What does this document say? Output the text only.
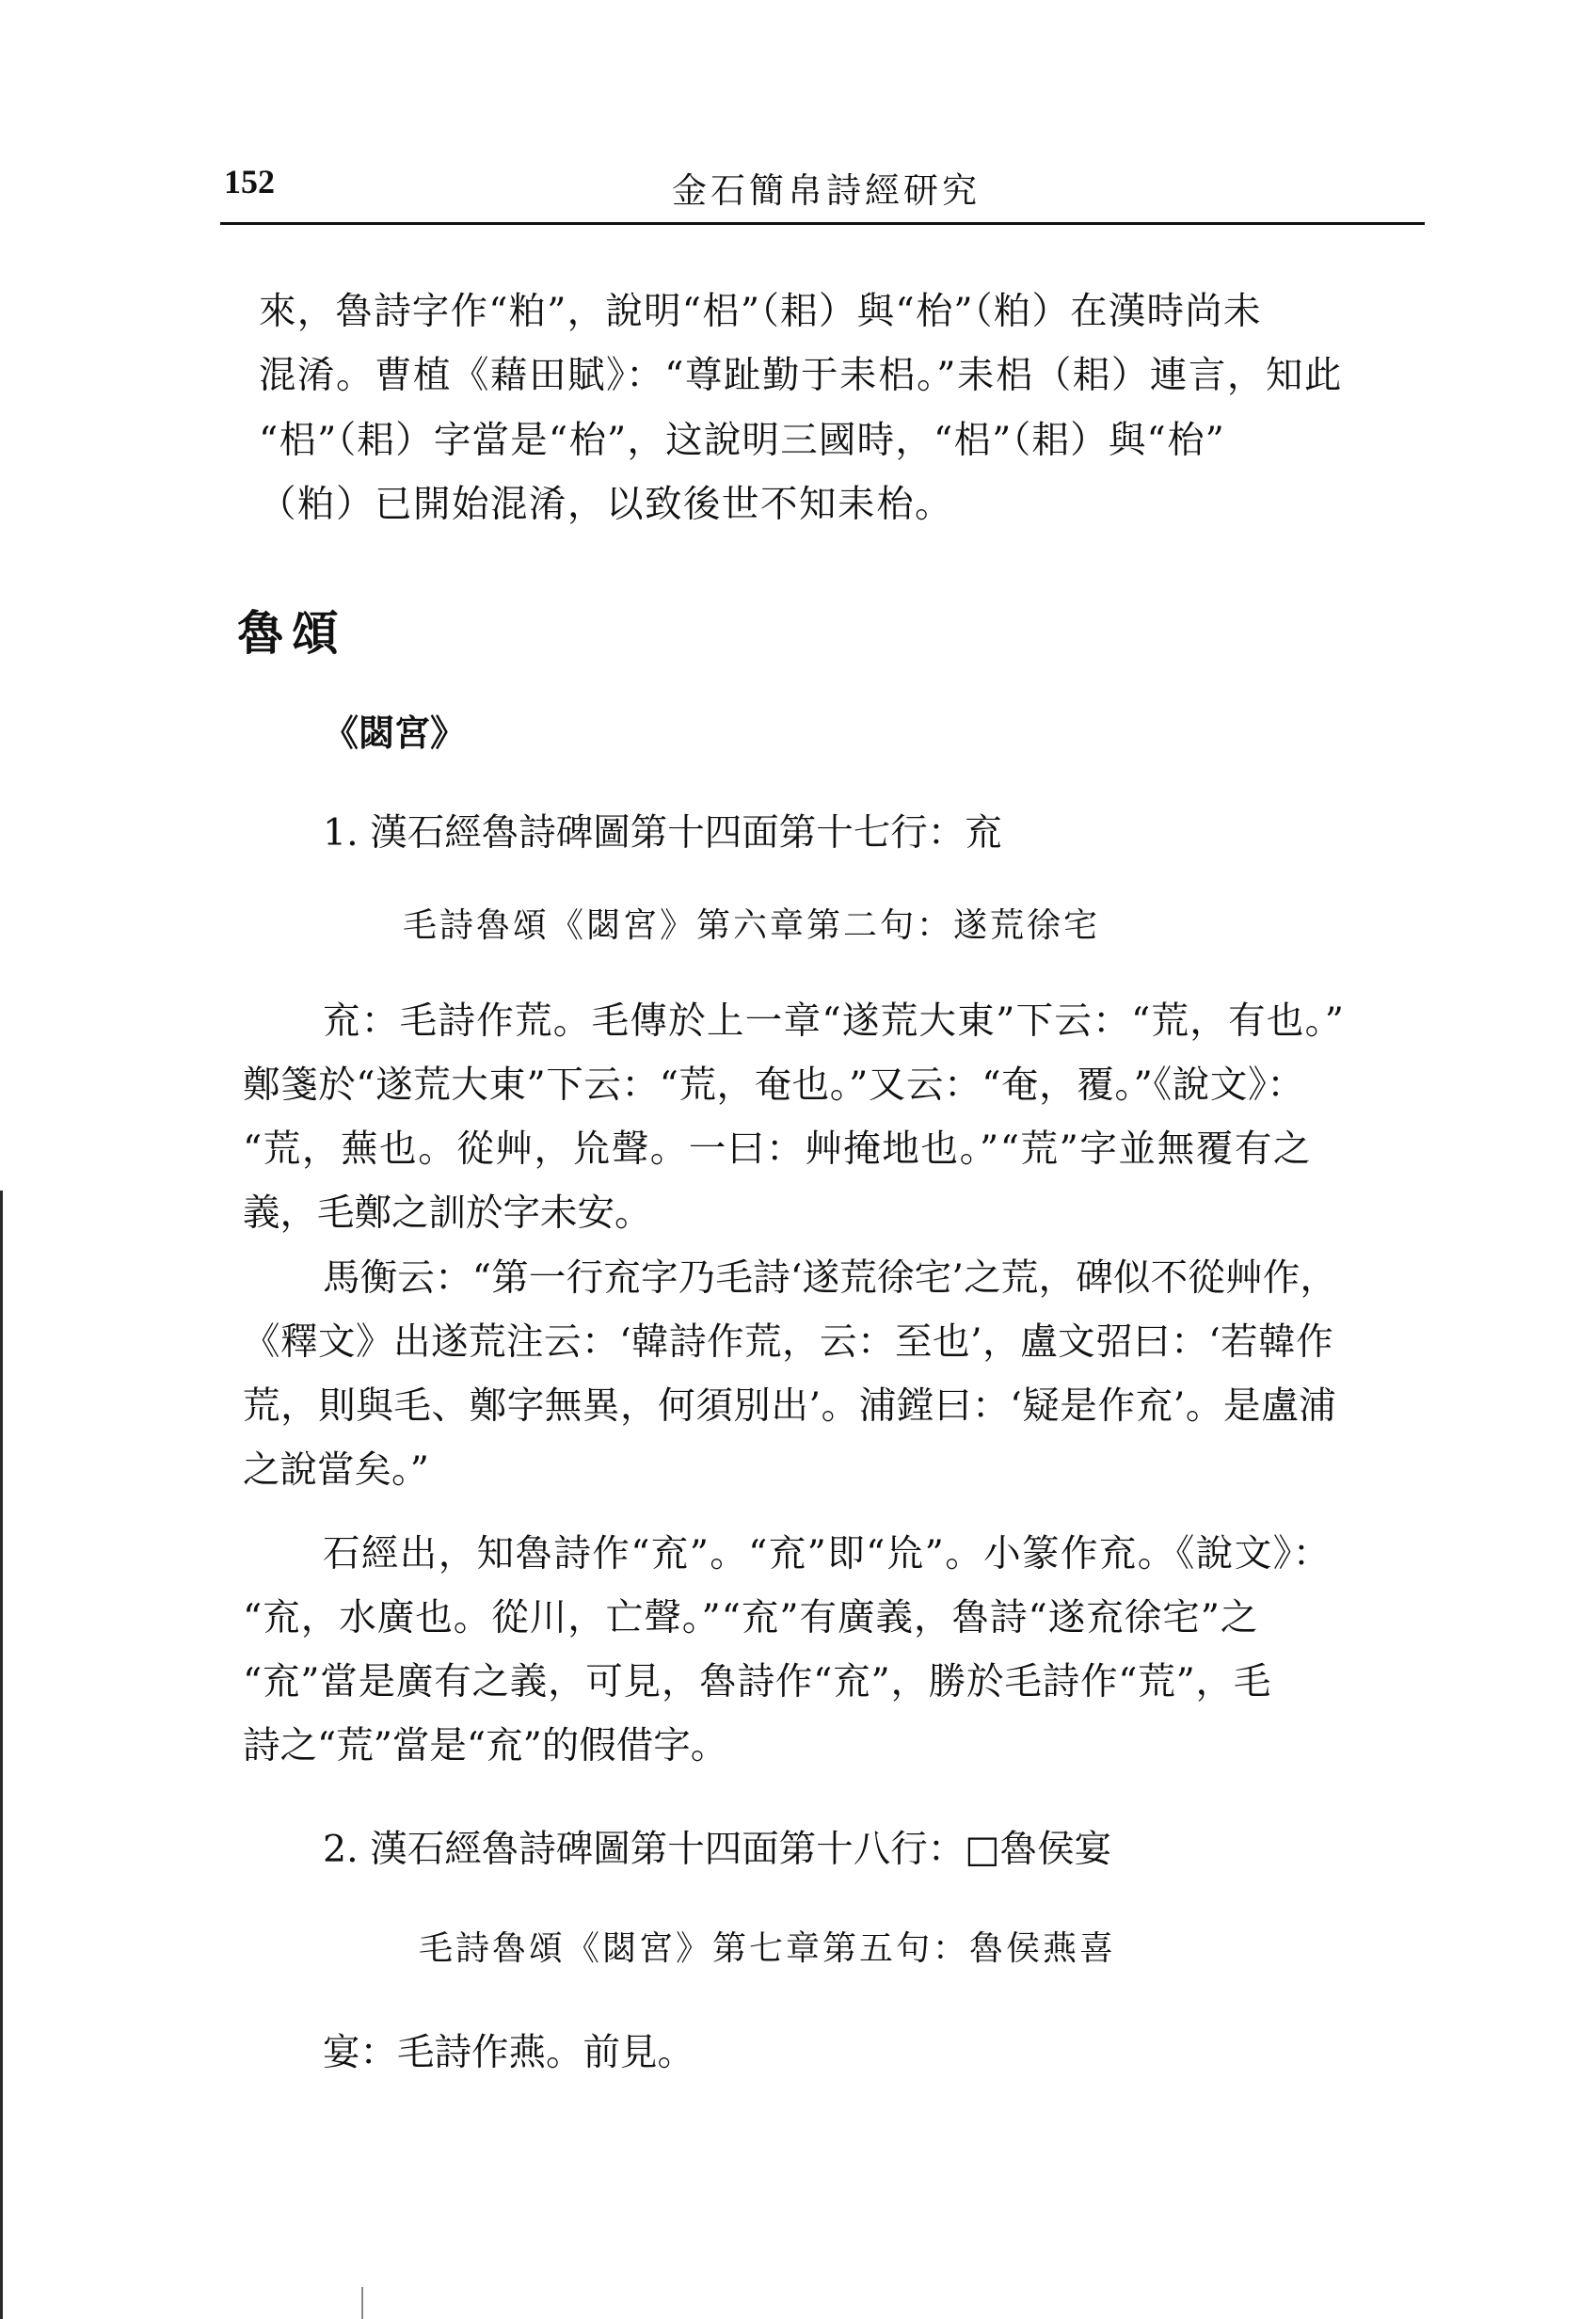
152	金石簡帛詩經研究
來，魯詩字作“粕”，說明“梠”（耜）與“枱”（粕）在漢時尚未
混淆。曹植《藉田賦》：“尊趾勤于耒梠。”耒梠（耜）連言，知此
“梠”（耜）字當是“枱”，这說明三國時，“梠”（耜）與“枱”
（粕）已開始混淆，以致後世不知耒枱。
魯頌
《閟宮》
1. 漢石經魯詩碑圖第十四面第十七行：㐬
毛詩魯頌《閟宮》第六章第二句：遂荒徐宅
㐬：毛詩作荒。毛傳於上一章“遂荒大東”下云：“荒，有也。”
鄭箋於“遂荒大東”下云：“荒，奄也。”又云：“奄，覆。”《說文》：
“荒，蕪也。從艸，㠩聲。一曰：艸掩地也。”“荒”字並無覆有之
義，毛鄭之訓於字未安。
馬衡云：“第一行㐬字乃毛詩‘遂荒徐宅’之荒，碑似不從艸作，
《釋文》出遂荒注云：‘韓詩作荒，云：至也’，盧文弨曰：‘若韓作
荒，則與毛、鄭字無異，何須別出’。浦鏜曰：‘疑是作㐬’。是盧浦
之說當矣。”
石經出，知魯詩作“㐬”。“㐬”即“㠩”。小篆作㐬。《說文》：
“㐬，水廣也。從川，亡聲。”“㐬”有廣義，魯詩“遂㐬徐宅”之
“㐬”當是廣有之義，可見，魯詩作“㐬”，勝於毛詩作“荒”，毛
詩之“荒”當是“㐬”的假借字。
2. 漢石經魯詩碑圖第十四面第十八行：□魯侯宴
毛詩魯頌《閟宮》第七章第五句：魯侯燕喜
宴：毛詩作燕。前見。
